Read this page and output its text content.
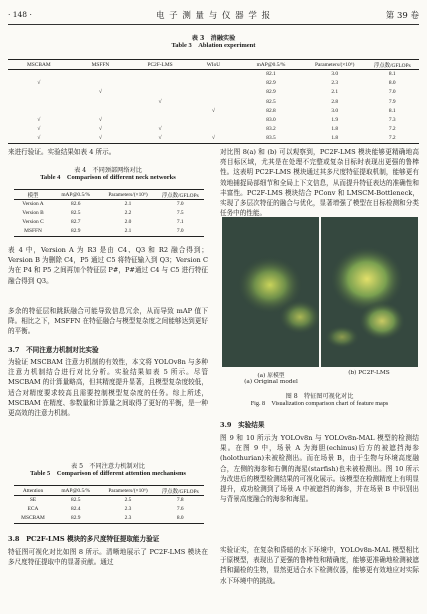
· 148 ·	电 子 测 量 与 仪 器 学 报	第 39 卷
表 3　消融实验
Table 3　Ablation experiment
MSCBAM	MSFFN	PC2F-LMS	WIoU	mAP@0.5/%	Parameters/(×10⁶)	浮点数/GFLOPs
				82.1	3.0	8.1
√				82.9	2.3	8.0
	√			82.9	2.1	7.0
		√		82.5	2.8	7.9
			√	82.8	3.0	8.1
√	√			83.0	1.9	7.3
√	√	√		83.2	1.8	7.2
√	√	√	√	83.5	1.8	7.2
来进行验证。实验结果如表 4 所示。
表 4　不同颈部网络对比
Table 4　Comparison of different neck networks
模型	mAP@0.5/%	Parameters/(×10⁶)	浮点数/GFLOPs
Version A	82.6	2.1	7.0
Version B	82.5	2.2	7.5
Version C	82.7	2.0	7.1
MSFFN	82.9	2.1	7.0
表 4 中，Version A 为 R3 是由 C4、Q3 和 R2 融合得到；Version B 为删除 C4，P5 通过 C5 将特征输入到 Q3；Version C 为在 P4 和 P5 之间再加个特征层 P#，P#通过 C4 与 C5 进行特征融合得到 Q3。
多余的特征层和跳跃融合可能导致信息冗余，从而导致 mAP 值下降。相比之下，MSFFN 在特征融合与模型复杂度之间能够达到更好的平衡。
3.7　不同注意力机制对比实验
为验证 MSCBAM 注意力机制的有效性，本文将 YOLOv8n 与多种注意力机制结合进行对比分析。实验结果如表 5 所示。尽管 MSCBAM 的计算量略高，但其精度提升显著，且模型复杂度较低，适合对精度要求较高且需要控制模型复杂度的任务。综上所述，MSCBAM 在精度、参数量和计算量之间取得了更好的平衡，是一种更高效的注意力机制。
表 5　不同注意力机制对比
Table 5　Comparison of different attention mechanisms
Attention	mAP@0.5/%	Parameters/(×10⁶)	浮点数/GFLOPs
SE	82.5	2.5	7.8
ECA	82.4	2.3	7.6
MSCBAM	82.9	2.3	8.0
3.8　PC2F-LMS 模块的多尺度特征提取能力验证
特征图可视化对比如图 8 所示。清晰地展示了 PC2F-LMS 模块在多尺度特征提取中的显著贡献。通过
对比图 8(a) 和 (b) 可以观察到，PC2F-LMS 模块能够更精确地高亮目标区域，尤其是在处理不完整或复杂目标时表现出更强的鲁棒性。这表明 PC2F-LMS 模块通过其多尺度特征提取机制，能够更有效地捕捉局部细节和全局上下文信息，从而提升特征表达的准确性和丰富性。PC2F-LMS 模块结合 PConv 和 LMSCM-Bottleneck，实现了多层次特征的融合与优化，显著增强了模型在目标检测和分类任务中的性能。
(a) 原模型
(a) Original model
(b) PC2F-LMS
图 8　特征图可视化对比
Fig. 8　Visualization comparison chart of feature maps
3.9　实验结果
图 9 和 10 所示为 YOLOv8n 与 YOLOv8n-MAL 模型的检测结果。在图 9 中，场景 A 为海胆(echinus)后方的被遮挡海参(holothurian)未被检测出。而在场景 B，由于生物与环境高度融合，左侧的海参和右侧的海星(starfish)也未被检测出。图 10 所示为改进后的模型检测结果的可视化展示。该模型在检测精度上有明显提升，成功检测到了场景 A 中被遮挡的海参，并在场景 B 中识别出与背景高度融合的海参和海星。
实验证实，在复杂和昏暗的水下环境中，YOLOv8n-MAL 模型相比于原模型，表现出了更强的鲁棒性和精确度，能够更准确地检测被遮挡和漏检的生物，显然更适合水下检测仪器，能够更有效地应对实际水下环境中的挑战。
